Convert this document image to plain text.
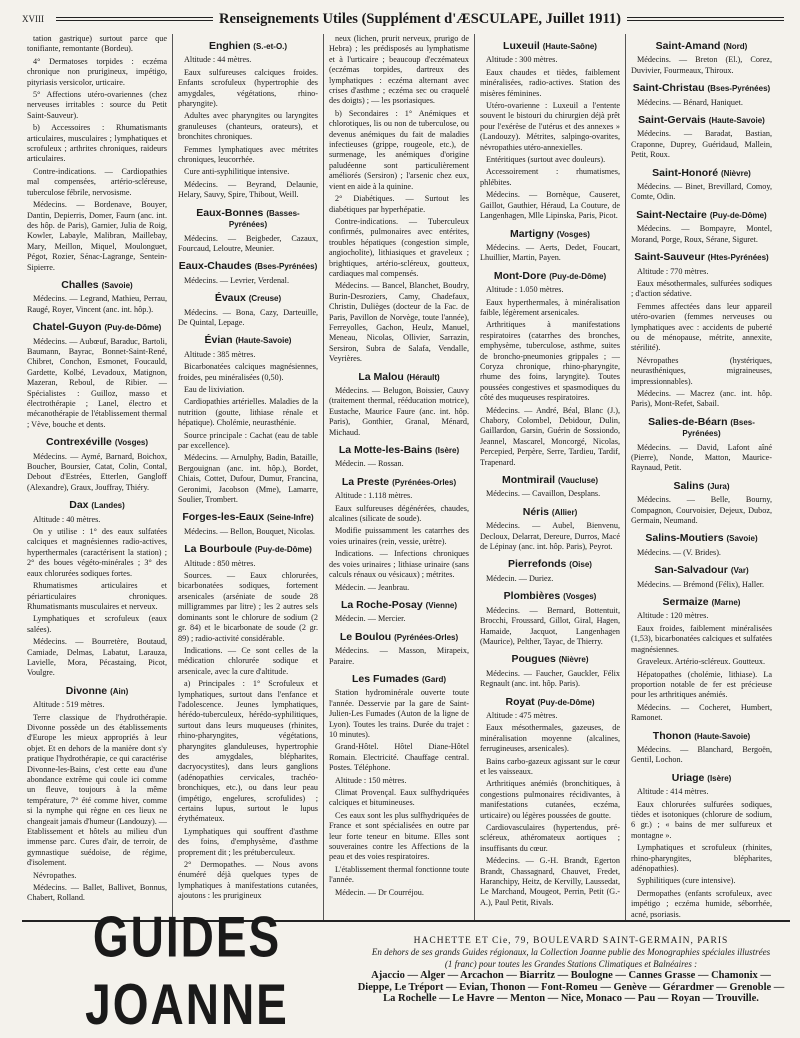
XVIII	Renseignements Utiles (Supplément d'ÆSCULAPE, Juillet 1911)

tation gastrique) surtout parce que tonifiante, remontante (Bordeu).

4° Dermatoses torpides : eczéma chronique non prurigineux, impétigo, pityriasis versicolor, urticaire.

5° Affections utéro-ovariennes (chez nerveuses irritables : source du Petit Saint-Sauveur).

b) Accessoires : Rhumatismants articulaires, musculaires ; lymphatiques et scrofuleux ; arthrites chroniques, raideurs articulaires.

Contre-indications. — Cardiopathies mal compensées, artério-scléreuse, tuberculose fébrile, nervosisme.

Médecins. — Bordenave, Bouyer, Dantin, Depierris, Domer, Faurn (anc. int. des hôp. de Paris), Garnier, Julia de Roig, Kowler, Labayle, Malibran, Maillebay, Mary, Meillon, Miquel, Moulonguet, Pégot, Rozier, Sénac-Lagrange, Sentein-Sipierre.

Challes (Savoie)

Médecins. — Legrand, Mathieu, Perrau, Raugé, Royer, Vincent (anc. int. hôp.).

Chatel-Guyon (Puy-de-Dôme)

Médecins. — Aubœuf, Baraduc, Bartoli, Baumann, Bayrac, Bonnet-Saint-René, Chibret, Conchon, Esmonet, Foucauld, Gardette, Kolbé, Levadoux, Matignon, Mazeran, Reboul, de Ribier. — Spécialistes : Guilloz, masso et électrothérapie ; Lanel, électro et mécanothérapie de l'établissement thermal ; Vève, bouche et dents.

Contrexéville (Vosges)

Médecins. — Aymé, Barnard, Boichox, Boucher, Boursier, Catat, Colin, Contal, Debout d'Estrées, Etterlen, Gangloff (Alexandre), Graux, Jouffray, Thiéry.

Dax (Landes)

Altitude : 40 mètres.

On y utilise : 1° des eaux sulfatées calciques et magnésiennes radio-actives, hyperthermales (caractérisent la station) ; 2° des boues végéto-minérales ; 3° des eaux chlorurées sodiques fortes.

Rhumatismes articulaires et périarticulaires chroniques. Rhumatismants musculaires et nerveux.

Lymphatiques et scrofuleux (eaux salées).

Médecins. — Bourretère, Boutaud, Camiade, Delmas, Labatut, Larauza, Lavielle, Mora, Pécastaing, Picot, Voulgre.

Divonne (Ain)

Altitude : 519 mètres.

Terre classique de l'hydrothérapie. Divonne possède un des établissements d'Europe les mieux appropriés à leur objet. Et en dehors de la manière dont s'y pratique l'hydrothérapie, ce qui caractérise Divonne-les-Bains, c'est cette eau d'une abondance extrême qui coule ici comme un fleuve, toujours à la même température, 7° été comme hiver, comme si la nymphe qui règne en ces lieux ne changeait jamais d'humeur (Landouzy). — Etablissement et hôtels au milieu d'un immense parc. Cures d'air, de terroir, de gymnastique suédoise, de régime, d'isolement.

Névropathes.

Médecins. — Ballet, Ballivet, Bonnus, Chabert, Rolland.

Enghien (S.-et-O.)

Altitude : 44 mètres.

Eaux sulfureuses calciques froides. Enfants scrofuleux (hypertrophie des amygdales, végétations, rhino-pharyngite).

Adultes avec pharyngites ou laryngites granuleuses (chanteurs, orateurs), et bronchites chroniques.

Femmes lymphatiques avec métrites chroniques, leucorrhée.

Cure anti-syphilitique intensive.

Médecins. — Beyrand, Delaunie, Helary, Sauvy, Spire, Thibout, Weill.

Eaux-Bonnes (Basses-Pyrénées)

Médecins. — Beigbeder, Cazaux, Fourcaud, Leloutre, Meunier.

Eaux-Chaudes (Bses-Pyrénées)

Médecins. — Levrier, Verdenal.

Évaux (Creuse)

Médecins. — Bona, Cazy, Darteuille, De Quintal, Lepage.

Évian (Haute-Savoie)

Altitude : 385 mètres.

Bicarbonatées calciques magnésiennes, froides, peu minéralisées (0,50).

Eau de lixiviation.

Cardiopathies artérielles. Maladies de la nutrition (goutte, lithiase rénale et hépatique). Cholémie, neurasthénie.

Source principale : Cachat (eau de table par excellence).

Médecins. — Arnulphy, Badin, Bataille, Bergouignan (anc. int. hôp.), Bordet, Chiais, Cottet, Dufour, Dumur, Francina, Geronimi, Jacobson (Mme), Lamarre, Soulier, Trombert.

Forges-les-Eaux (Seine-Infre)

Médecins. — Bellon, Bouquet, Nicolas.

La Bourboule (Puy-de-Dôme)

Altitude : 850 mètres.

Sources. — Eaux chlorurées, bicarbonatées sodiques, fortement arsenicales (arséniate de soude 28 milligrammes par litre) ; les 2 autres sels dominants sont le chlorure de sodium (2 gr. 84) et le bicarbonate de soude (2 gr. 89) ; radio-activité considérable.

Indications. — Ce sont celles de la médication chlorurée sodique et arsenicale, avec la cure d'altitude.

a) Principales : 1° Scrofuleux et lymphatiques, surtout dans l'enfance et l'adolescence. Jeunes lymphatiques, hérédo-tuberculeux, hérédo-syphilitiques, surtout dans leurs muqueuses (rhinites, rhino-pharyngites, végétations, pharyngites glanduleuses, hypertrophie des amygdales, blépharites, dacryocystites), dans leurs ganglions (adénopathies cervicales, trachéo-bronchiques, etc.), ou dans leur peau (impétigo, engelures, scrofulides) ; certains lupus, surtout le lupus érythémateux.

Lymphatiques qui souffrent d'asthme des foins, d'emphysème, d'asthme proprement dit ; les prétuberculeux.

2° Dermopathes. — Nous avons énuméré déjà quelques types de lymphatiques à manifestations cutanées, ajoutons : les prurigineux

neux (lichen, prurit nerveux, prurigo de Hebra) ; les prédisposés au lymphatisme et à l'urticaire ; beaucoup d'eczémateux (eczémas torpides, dartreux des lymphatiques : eczéma alternant avec crises d'asthme ; eczéma sec ou craquelé des doigts) ; — les psoriasiques.

b) Secondaires : 1° Anémiques et chlorotiques, lis ou non de tuberculose, ou devenus anémiques du fait de maladies infectieuses (grippe, rougeole, etc.), de surmenage, les anémiques d'origine paludéenne sont particulièrement améliorés (Sersiron) ; l'arsenic chez eux, vient en aide à la quinine.

2° Diabétiques. — Surtout les diabétiques par hyperhépatie.

Contre-indications. — Tuberculeux confirmés, pulmonaires avec entérites, troubles hépatiques (congestion simple, angiocholite), lithiasiques et graveleux ; brightiques, artério-scléreux, goutteux, cardiaques mal compensés.

Médecins. — Bancel, Blanchet, Boudry, Burin-Desroziers, Camy, Chadefaux, Christin, Dulièges (docteur de la Fac. de Paris, Pavillon de Norvège, toute l'année), Ferreyolles, Gachon, Heulz, Manuel, Meneau, Nicolas, Ollivier, Sarrazin, Sersiron, Subra de Salafa, Vendalle, Veyrières.

La Malou (Hérault)

Médecins. — Belugon, Boissier, Cauvy (traitement thermal, rééducation motrice), Eustache, Maurice Faure (anc. int. hôp. Paris), Gonthier, Granal, Ménard, Michaud.

La Motte-les-Bains (Isère)

Médecin. — Rossan.

La Preste (Pyrénées-Orles)

Altitude : 1.118 mètres.

Eaux sulfureuses dégénérées, chaudes, alcalines (silicate de soude).

Modifie puissamment les catarrhes des voies urinaires (rein, vessie, urètre).

Indications. — Infections chroniques des voies urinaires ; lithiase urinaire (sans calculs rénaux ou vésicaux) ; métrites.

Médecin. — Jeanbrau.

La Roche-Posay (Vienne)

Médecin. — Mercier.

Le Boulou (Pyrénées-Orles)

Médecins. — Masson, Mirapeix, Paraire.

Les Fumades (Gard)

Station hydrominérale ouverte toute l'année. Desservie par la gare de Saint-Julien-Les Fumades (Auton de la ligne de Lyon). Toutes les trains. Durée du trajet : 10 minutes).

Grand-Hôtel. Hôtel Diane-Hôtel Romain. Electricité. Chauffage central. Postes. Téléphone.

Altitude : 150 mètres.

Climat Provençal. Eaux sulfhydriquées calciques et bitumineuses.

Ces eaux sont les plus sulfhydriquées de France et sont spécialisées en outre par leur forte teneur en bitume. Elles sont souveraines contre les Affections de la peau et des voies respiratoires.

L'établissement thermal fonctionne toute l'année.

Médecin. — Dr Courréjou.

Luxeuil (Haute-Saône)

Altitude : 300 mètres.

Eaux chaudes et tièdes, faiblement minéralisées, radio-actives. Station des misères féminines.

Utéro-ovarienne : Luxeuil a l'entente souvent le bistouri du chirurgien déjà prêt pour l'exérèse de l'utérus et des annexes » (Landouzy). Métrites, salpingo-ovarites, névropathies utéro-annexielles.

Entéritiques (surtout avec douleurs).

Accessoirement : rhumatismes, phlébites.

Médecins. — Bornèque, Causeret, Gaillot, Gauthier, Héraud, La Couture, de Langenhagen, Mlle Lipinska, Paris, Picot.

Martigny (Vosges)

Médecins. — Aerts, Dedet, Foucart, Lhuillier, Martin, Payen.

Mont-Dore (Puy-de-Dôme)

Altitude : 1.050 mètres.

Eaux hyperthermales, à minéralisation faible, légèrement arsenicales.

Arthritiques à manifestations respiratoires (catarrhes des bronches, emphysème, tuberculose, asthme, suites de broncho-pneumonies grippales ; — Coryza chronique, rhino-pharyngite, rhume des foins, laryngite). Toutes poussées congestives et spasmodiques du côté des muqueuses respiratoires.

Médecins. — André, Béal, Blanc (J.), Chabory, Colombel, Debidour, Dulin, Gaillardon, Garsin, Guérin de Sossiondo, Jeannel, Mascarel, Moncorgé, Nicolas, Percepied, Perpère, Serre, Tardieu, Tardif, Trapenard.

Montmirail (Vaucluse)

Médecins. — Cavaillon, Desplans.

Néris (Allier)

Médecins. — Aubel, Bienvenu, Decloux, Delarrat, Dereure, Durros, Macé de Lépinay (anc. int. hôp. Paris), Peyrot.

Pierrefonds (Oise)

Médecin. — Duriez.

Plombières (Vosges)

Médecins. — Bernard, Bottentuit, Brocchi, Froussard, Gillot, Giral, Hagen, Hamaide, Jacquot, Langenhagen (Maurice), Pelther, Tayac, de Thierry.

Pougues (Nièvre)

Médecins. — Faucher, Gauckler, Félix Regnault (anc. int. hôp. Paris).

Royat (Puy-de-Dôme)

Altitude : 475 mètres.

Eaux mésothermales, gazeuses, de minéralisation moyenne (alcalines, ferrugineuses, arsenicales).

Bains carbo-gazeux agissant sur le cœur et les vaisseaux.

Arthritiques anémiés (bronchitiques, à congestions pulmonaires récidivantes, à manifestations cutanées, eczéma, urticaire) ou légères poussées de goutte.

Cardiovasculaires (hypertendus, pré-scléreux, athéromateux aortiques ; insuffisants du cœur.

Médecins. — G.-H. Brandt, Egerton Brandt, Chassagnard, Chauvet, Fredet, Haranchipy, Heitz, de Kervilly, Laussedat, Le Marchand, Mougeot, Perrin, Petit (G.-A.), Paul Petit, Rivals.

Saint-Amand (Nord)

Médecins. — Breton (El.), Corez, Duvivier, Fourmeaux, Thiroux.

Saint-Christau (Bses-Pyrénées)

Médecins. — Bénard, Haniquet.

Saint-Gervais (Haute-Savoie)

Médecins. — Baradat, Bastian, Craponne, Duprey, Guéridaud, Mallein, Petit, Roux.

Saint-Honoré (Nièvre)

Médecins. — Binet, Brevillard, Comoy, Comte, Odin.

Saint-Nectaire (Puy-de-Dôme)

Médecins. — Bompayre, Montel, Morand, Porge, Roux, Sérane, Siguret.

Saint-Sauveur (Htes-Pyrénées)

Altitude : 770 mètres.

Eaux mésothermales, sulfurées sodiques ; d'action sédative.

Femmes affectées dans leur appareil utéro-ovarien (femmes nerveuses ou lymphatiques avec : accidents de puberté ou de ménopause, métrite, annexite, stérilité).

Névropathes (hystériques, neurasthéniques, migraineuses, impressionnables).

Médecins. — Macrez (anc. int. hôp. Paris), Mont-Refet, Sabail.

Salies-de-Béarn (Bses-Pyrénées)

Médecins. — David, Lafont aîné (Pierre), Nonde, Matton, Maurice-Raynaud, Petit.

Salins (Jura)

Médecins. — Belle, Bourny, Compagnon, Courvoisier, Dejeux, Duboz, Germain, Neumand.

Salins-Moutiers (Savoie)

Médecins. — (V. Brides).

San-Salvadour (Var)

Médecins. — Brémond (Félix), Haller.

Sermaize (Marne)

Altitude : 120 mètres.

Eaux froides, faiblement minéralisées (1,53), bicarbonatées calciques et sulfatées magnésiennes.

Graveleux. Artério-scléreux. Goutteux.

Hépatopathes (cholémie, lithiase). La proportion notable de fer est précieuse pour les arthritiques anémiés.

Médecins. — Cocheret, Humbert, Ramonet.

Thonon (Haute-Savoie)

Médecins. — Blanchard, Bergoën, Gentil, Lochon.

Uriage (Isère)

Altitude : 414 mètres.

Eaux chlorurées sulfurées sodiques, tièdes et isotoniques (chlorure de sodium, 6 gr.) ; « bains de mer sulfureux et montagne ».

Lymphatiques et scrofuleux (rhinites, rhino-pharyngites, blépharites, adénopathies).

Syphilitiques (cure intensive).

Dermopathes (enfants scrofuleux, avec impétigo ; eczéma humide, séborrhée, acné, psoriasis.

GUIDES JOANNE
HACHETTE ET Cie, 79, BOULEVARD SAINT-GERMAIN, PARIS
En dehors de ses grands Guides régionaux, la Collection Joanne publie des Monographies spéciales illustrées
(1 franc) pour toutes les Grandes Stations Climatiques et Balnéaires :
Ajaccio — Alger — Arcachon — Biarritz — Boulogne — Cannes Grasse — Chamonix —
Dieppe, Le Tréport — Evian, Thonon — Font-Romeu — Genève — Gérardmer — Grenoble —
La Rochelle — Le Havre — Menton — Nice, Monaco — Pau — Royan — Trouville.
